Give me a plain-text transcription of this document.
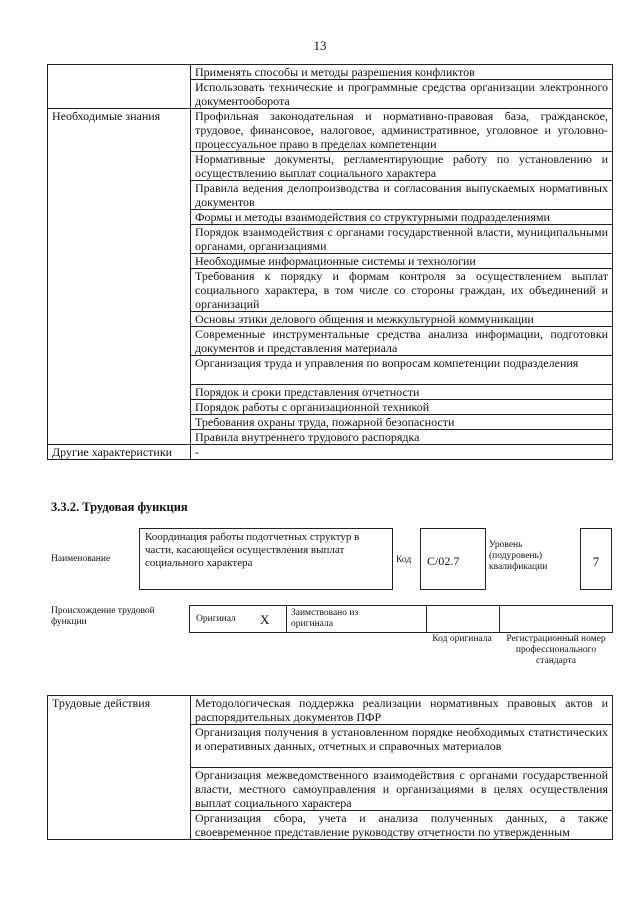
13
	Применять способы и методы разрешения конфликтов
	Использовать технические и программные средства организации электронного документооборота
Необходимые знания	Профильная законодательная и нормативно-правовая база, гражданское, трудовое, финансовое, налоговое, административное, уголовное и уголовно-процессуальное право в пределах компетенции
	Нормативные документы, регламентирующие работу по установлению и осуществлению выплат социального характера
	Правила ведения делопроизводства и согласования выпускаемых нормативных документов
	Формы и методы взаимодействия со структурными подразделениями
	Порядок взаимодействия с органами государственной власти, муниципальными органами, организациями
	Необходимые информационные системы и технологии
	Требования к порядку и формам контроля за осуществлением выплат социального характера, в том числе со стороны граждан, их объединений и организаций
	Основы этики делового общения и межкультурной коммуникации
	Современные инструментальные средства анализа информации, подготовки документов и представления материала
	Организация труда и управления по вопросам компетенции подразделения
	Порядок и сроки представления отчетности
	Порядок работы с организационной техникой
	Требования охраны труда, пожарной безопасности
	Правила внутреннего трудового распорядка
Другие характеристики	-
3.3.2. Трудовая функция
Наименование
Координация работы подотчетных структур в части, касающейся осуществления выплат социального характера	Код C/02.7
Уровень (подуровень) квалификации	7
Происхождение трудовой функции	Оригинал X Заимствовано из оригинала
Код оригинала	Регистрационный номер профессионального стандарта
Трудовые действия	Методологическая поддержка реализации нормативных правовых актов и распорядительных документов ПФР
Организация получения в установленном порядке необходимых статистических и оперативных данных, отчетных и справочных материалов
Организация межведомственного взаимодействия с органами государственной власти, местного самоуправления и организациями в целях осуществления выплат социального характера
Организация сбора, учета и анализа полученных данных, а также своевременное представление руководству отчетности по утвержденным
